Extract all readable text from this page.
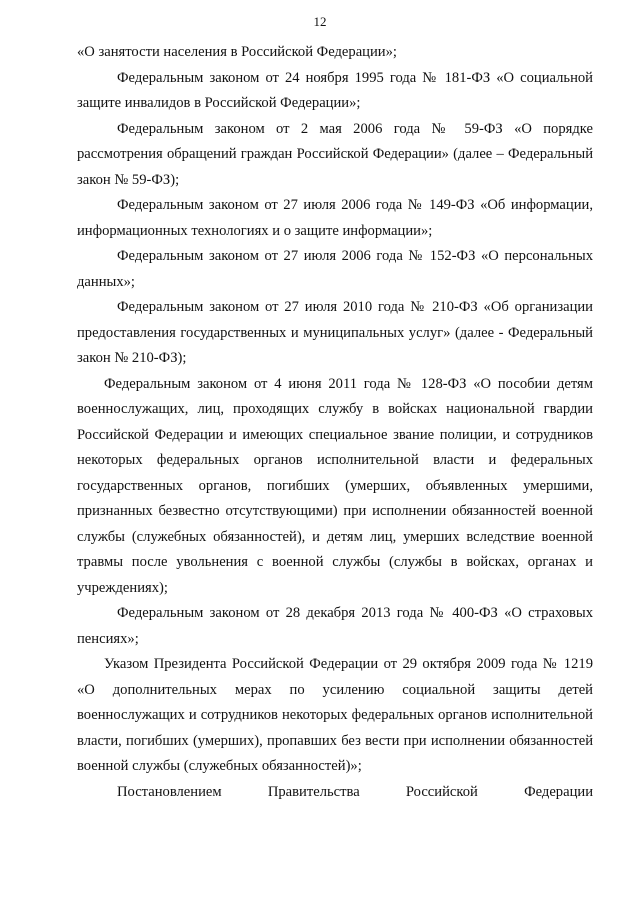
12

«О занятости населения в Российской Федерации»;

Федеральным законом от 24 ноября 1995 года № 181-ФЗ «О социальной защите инвалидов в Российской Федерации»;

Федеральным законом от 2 мая 2006 года № 59-ФЗ «О порядке рассмотрения обращений граждан Российской Федерации» (далее – Федеральный закон № 59-ФЗ);

Федеральным законом от 27 июля 2006 года № 149-ФЗ «Об информации, информационных технологиях и о защите информации»;

Федеральным законом от 27 июля 2006 года № 152-ФЗ «О персональных данных»;

Федеральным законом от 27 июля 2010 года № 210-ФЗ «Об организации предоставления государственных и муниципальных услуг» (далее - Федеральный закон № 210-ФЗ);

Федеральным законом от 4 июня 2011 года № 128-ФЗ «О пособии детям военнослужащих, лиц, проходящих службу в войсках национальной гвардии Российской Федерации и имеющих специальное звание полиции, и сотрудников некоторых федеральных органов исполнительной власти и федеральных государственных органов, погибших (умерших, объявленных умершими, признанных безвестно отсутствующими) при исполнении обязанностей военной службы (служебных обязанностей), и детям лиц, умерших вследствие военной травмы после увольнения с военной службы (службы в войсках, органах и учреждениях);

Федеральным законом от 28 декабря 2013 года № 400-ФЗ «О страховых пенсиях»;

Указом Президента Российской Федерации от 29 октября 2009 года № 1219 «О дополнительных мерах по усилению социальной защиты детей военнослужащих и сотрудников некоторых федеральных органов исполнительной власти, погибших (умерших), пропавших без вести при исполнении обязанностей военной службы (служебных обязанностей)»;

Постановлением Правительства Российской Федерации
